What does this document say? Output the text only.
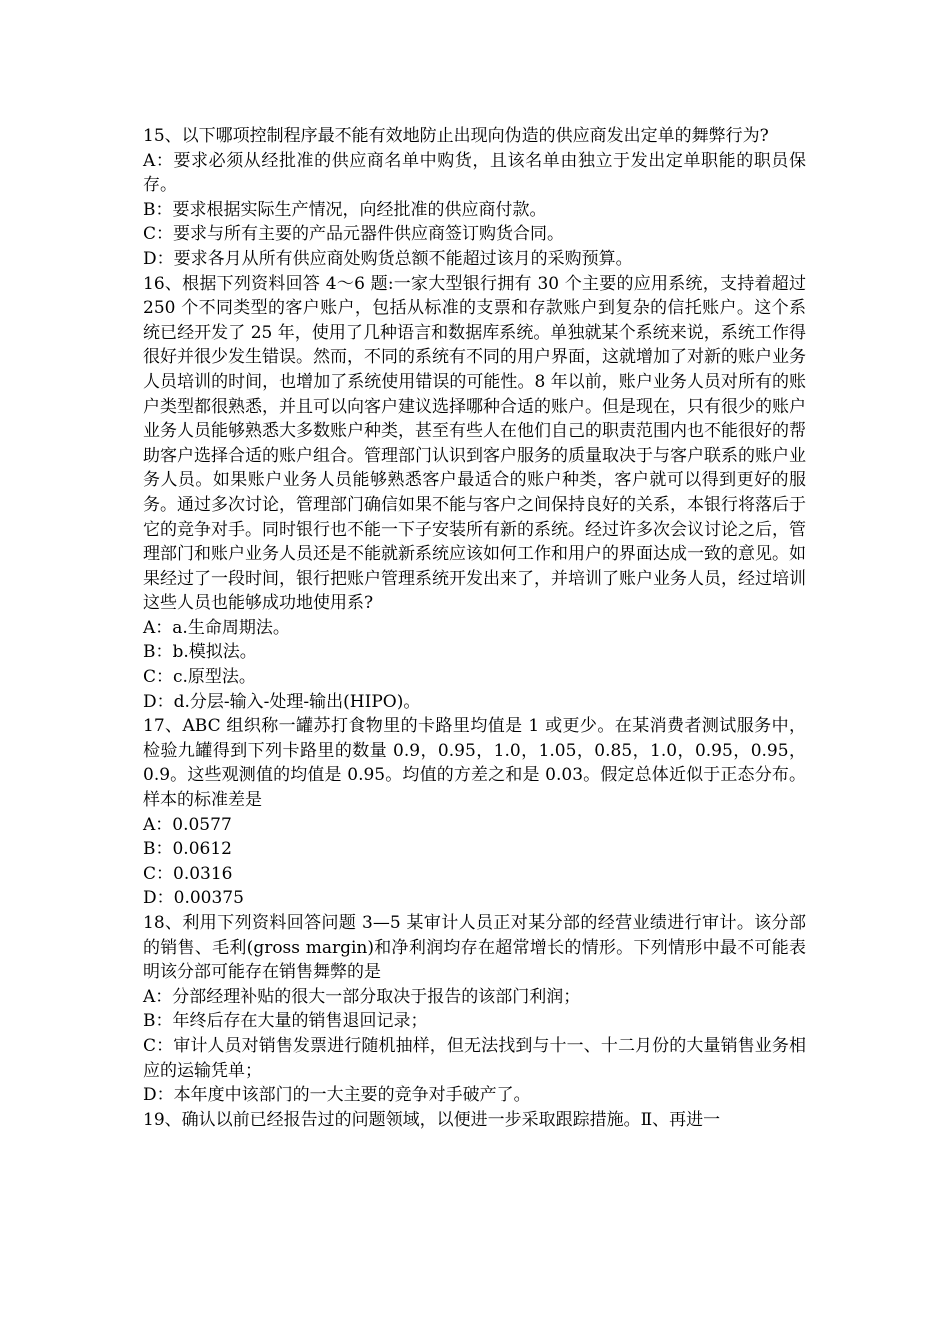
15、以下哪项控制程序最不能有效地防止出现向伪造的供应商发出定单的舞弊行为?

A：要求必须从经批准的供应商名单中购货，且该名单由独立于发出定单职能的职员保存。

B：要求根据实际生产情况，向经批准的供应商付款。

C：要求与所有主要的产品元器件供应商签订购货合同。

D：要求各月从所有供应商处购货总额不能超过该月的采购预算。

16、根据下列资料回答 4～6 题:一家大型银行拥有 30 个主要的应用系统，支持着超过 250 个不同类型的客户账户，包括从标准的支票和存款账户到复杂的信托账户。这个系统已经开发了 25 年，使用了几种语言和数据库系统。单独就某个系统来说，系统工作得很好并很少发生错误。然而，不同的系统有不同的用户界面，这就增加了对新的账户业务人员培训的时间，也增加了系统使用错误的可能性。8 年以前，账户业务人员对所有的账户类型都很熟悉，并且可以向客户建议选择哪种合适的账户。但是现在，只有很少的账户业务人员能够熟悉大多数账户种类，甚至有些人在他们自己的职责范围内也不能很好的帮助客户选择合适的账户组合。管理部门认识到客户服务的质量取决于与客户联系的账户业务人员。如果账户业务人员能够熟悉客户最适合的账户种类，客户就可以得到更好的服务。通过多次讨论，管理部门确信如果不能与客户之间保持良好的关系，本银行将落后于它的竞争对手。同时银行也不能一下子安装所有新的系统。经过许多次会议讨论之后，管理部门和账户业务人员还是不能就新系统应该如何工作和用户的界面达成一致的意见。如果经过了一段时间，银行把账户管理系统开发出来了，并培训了账户业务人员，经过培训这些人员也能够成功地使用系?

A：a.生命周期法。

B：b.模拟法。

C：c.原型法。

D：d.分层-输入-处理-输出(HIPO)。

17、ABC 组织称一罐苏打食物里的卡路里均值是 1 或更少。在某消费者测试服务中，检验九罐得到下列卡路里的数量 0.9，0.95，1.0，1.05，0.85，1.0，0.95，0.95，0.9。这些观测值的均值是 0.95。均值的方差之和是 0.03。假定总体近似于正态分布。样本的标准差是

A：0.0577

B：0.0612

C：0.0316

D：0.00375

18、利用下列资料回答问题 3—5 某审计人员正对某分部的经营业绩进行审计。该分部的销售、毛利(gross margin)和净利润均存在超常增长的情形。下列情形中最不可能表明该分部可能存在销售舞弊的是

A：分部经理补贴的很大一部分取决于报告的该部门利润；

B：年终后存在大量的销售退回记录；

C：审计人员对销售发票进行随机抽样，但无法找到与十一、十二月份的大量销售业务相应的运输凭单；

D：本年度中该部门的一大主要的竞争对手破产了。

19、确认以前已经报告过的问题领域，以便进一步采取跟踪措施。Ⅱ、再进一
